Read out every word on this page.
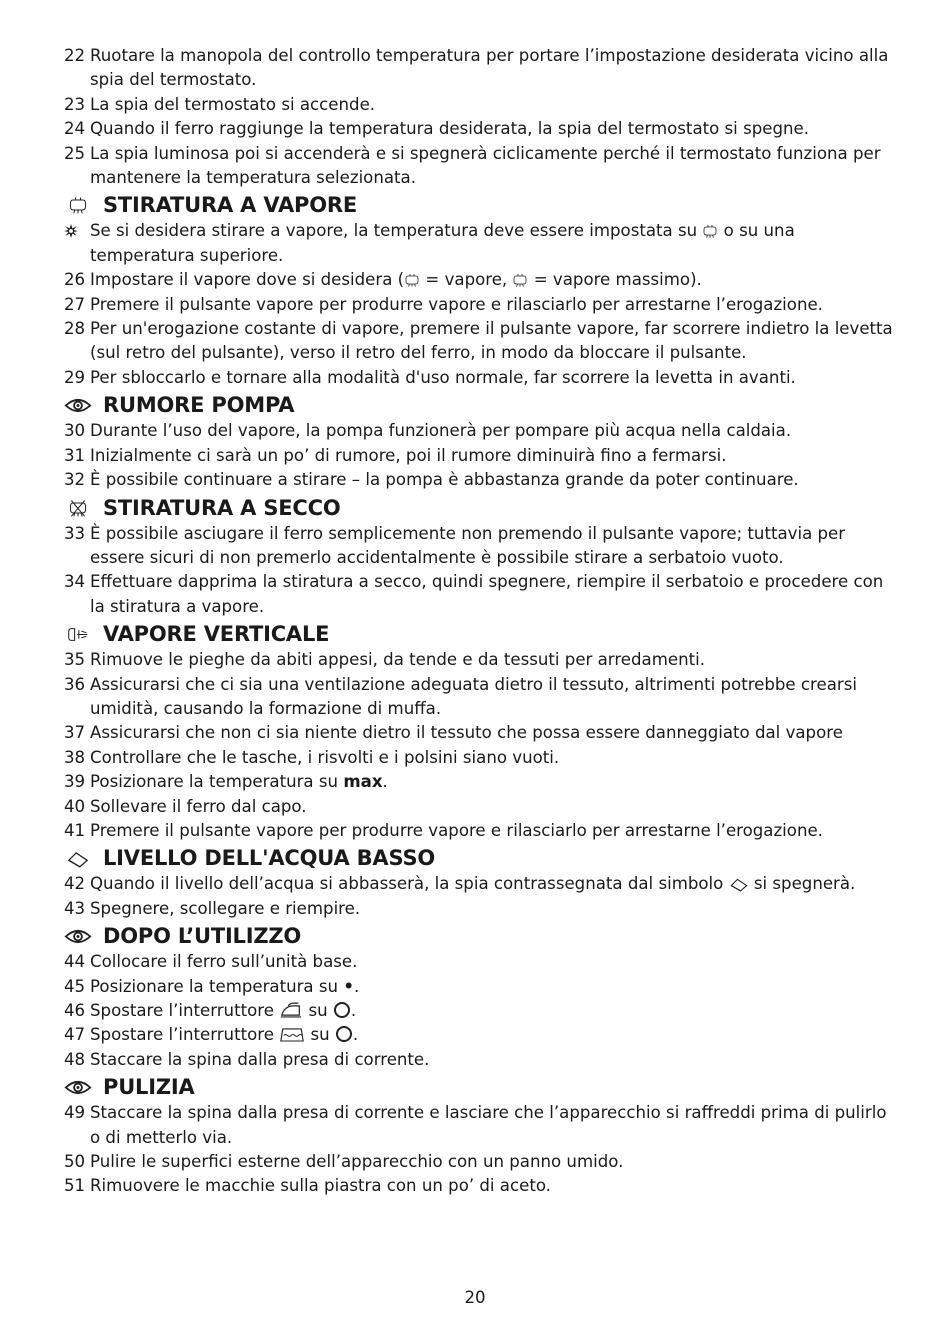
22 Ruotare la manopola del controllo temperatura per portare l’impostazione desiderata vicino alla spia del termostato.
23 La spia del termostato si accende.
24 Quando il ferro raggiunge la temperatura desiderata, la spia del termostato si spegne.
25 La spia luminosa poi si accenderà e si spegnerà ciclicamente perché il termostato funziona per mantenere la temperatura selezionata.
STIRATURA A VAPORE
Se si desidera stirare a vapore, la temperatura deve essere impostata su  o su una temperatura superiore.
26 Impostare il vapore dove si desidera ( = vapore,  = vapore massimo).
27 Premere il pulsante vapore per produrre vapore e rilasciarlo per arrestarne l’erogazione.
28 Per un'erogazione costante di vapore, premere il pulsante vapore, far scorrere indietro la levetta (sul retro del pulsante), verso il retro del ferro, in modo da bloccare il pulsante.
29 Per sbloccarlo e tornare alla modalità d'uso normale, far scorrere la levetta in avanti.
RUMORE POMPA
30 Durante l’uso del vapore, la pompa funzionerà per pompare più acqua nella caldaia.
31 Inizialmente ci sarà un po’ di rumore, poi il rumore diminuirà fino a fermarsi.
32 È possibile continuare a stirare – la pompa è abbastanza grande da poter continuare.
STIRATURA A SECCO
33 È possibile asciugare il ferro semplicemente non premendo il pulsante vapore; tuttavia per essere sicuri di non premerlo accidentalmente è possibile stirare a serbatoio vuoto.
34 Effettuare dapprima la stiratura a secco, quindi spegnere, riempire il serbatoio e procedere con la stiratura a vapore.
VAPORE VERTICALE
35 Rimuove le pieghe da abiti appesi, da tende e da tessuti per arredamenti.
36 Assicurarsi che ci sia una ventilazione adeguata dietro il tessuto, altrimenti potrebbe crearsi umidità, causando la formazione di muffa.
37 Assicurarsi che non ci sia niente dietro il tessuto che possa essere danneggiato dal vapore
38 Controllare che le tasche, i risvolti e i polsini siano vuoti.
39 Posizionare la temperatura su max.
40 Sollevare il ferro dal capo.
41 Premere il pulsante vapore per produrre vapore e rilasciarlo per arrestarne l’erogazione.
LIVELLO DELL'ACQUA BASSO
42 Quando il livello dell’acqua si abbasserà, la spia contrassegnata dal simbolo  si spegnerà.
43 Spegnere, scollegare e riempire.
DOPO L’UTILIZZO
44 Collocare il ferro sull’unità base.
45 Posizionare la temperatura su •.
46 Spostare l’interruttore  su .
47 Spostare l’interruttore  su .
48 Staccare la spina dalla presa di corrente.
PULIZIA
49 Staccare la spina dalla presa di corrente e lasciare che l’apparecchio si raffreddi prima di pulirlo o di metterlo via.
50 Pulire le superfici esterne dell’apparecchio con un panno umido.
51 Rimuovere le macchie sulla piastra con un po’ di aceto.
20
